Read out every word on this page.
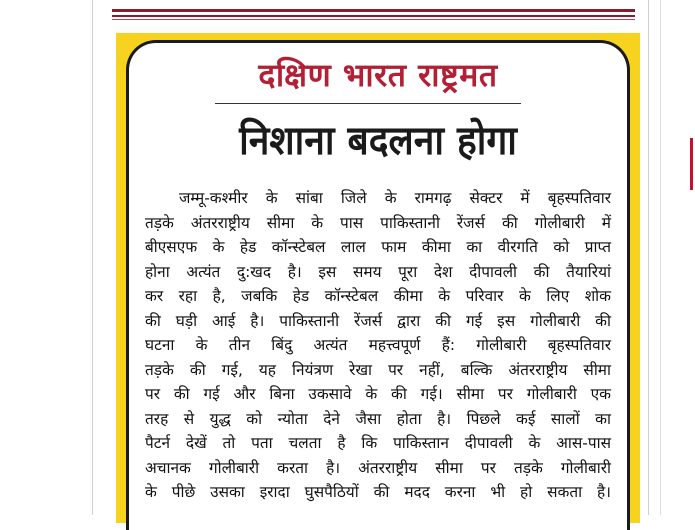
दक्षिण भारत राष्ट्रमत
निशाना बदलना होगा
जम्मू-कश्मीर के सांबा जिले के रामगढ़ सेक्टर में बृहस्पतिवार
तड़के अंतरराष्ट्रीय सीमा के पास पाकिस्तानी रेंजर्स की गोलीबारी में
बीएसएफ के हेड कॉन्स्टेबल लाल फाम कीमा का वीरगति को प्राप्त
होना अत्यंत दु:खद है। इस समय पूरा देश दीपावली की तैयारियां
कर रहा है, जबकि हेड कॉन्स्टेबल कीमा के परिवार के लिए शोक
की घड़ी आई है। पाकिस्तानी रेंजर्स द्वारा की गई इस गोलीबारी की
घटना के तीन बिंदु अत्यंत महत्त्वपूर्ण हैं: गोलीबारी बृहस्पतिवार
तड़के की गई, यह नियंत्रण रेखा पर नहीं, बल्कि अंतरराष्ट्रीय सीमा
पर की गई और बिना उकसावे के की गई। सीमा पर गोलीबारी एक
तरह से युद्ध को न्योता देने जैसा होता है। पिछले कई सालों का
पैटर्न देखें तो पता चलता है कि पाकिस्तान दीपावली के आस-पास
अचानक गोलीबारी करता है। अंतरराष्ट्रीय सीमा पर तड़के गोलीबारी
के पीछे उसका इरादा घुसपैठियों की मदद करना भी हो सकता है।
